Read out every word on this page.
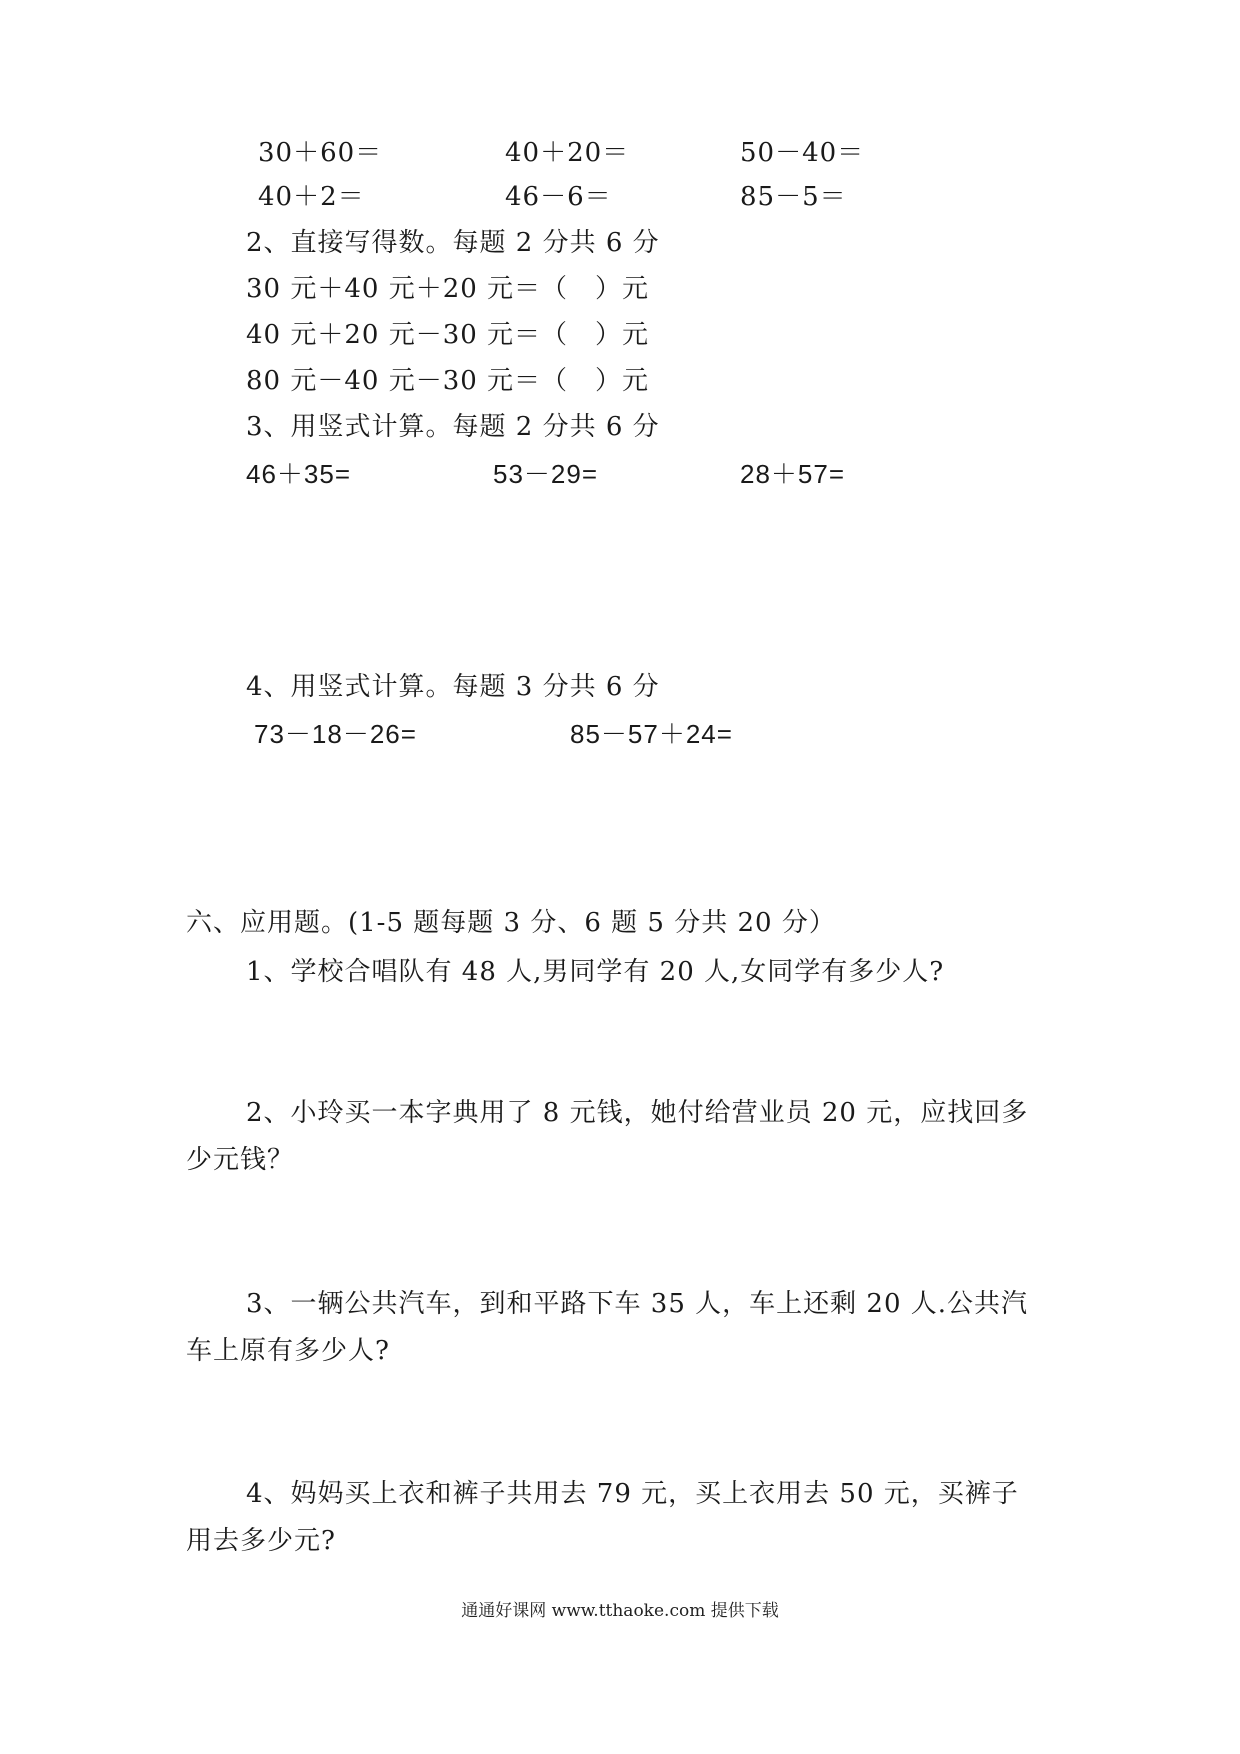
30＋60＝	40＋20＝	50－40＝
40＋2＝	46－6＝	85－5＝
2、直接写得数。每题 2 分共 6 分
30 元＋40 元＋20 元＝（　）元
40 元＋20 元－30 元＝（　）元
80 元－40 元－30 元＝（　）元
3、用竖式计算。每题 2 分共 6 分
46＋35=	53－29=	28＋57=
4、用竖式计算。每题 3 分共 6 分
73－18－26=	85－57＋24=
六、应用题。(1-5 题每题 3 分、6 题 5 分共 20 分）
1、学校合唱队有 48 人,男同学有 20 人,女同学有多少人?
2、小玲买一本字典用了 8 元钱，她付给营业员 20 元，应找回多
少元钱？
3、一辆公共汽车，到和平路下车 35 人，车上还剩 20 人.公共汽
车上原有多少人?
4、妈妈买上衣和裤子共用去 79 元，买上衣用去 50 元，买裤子
用去多少元?
通通好课网 www.tthaoke.com 提供下载
